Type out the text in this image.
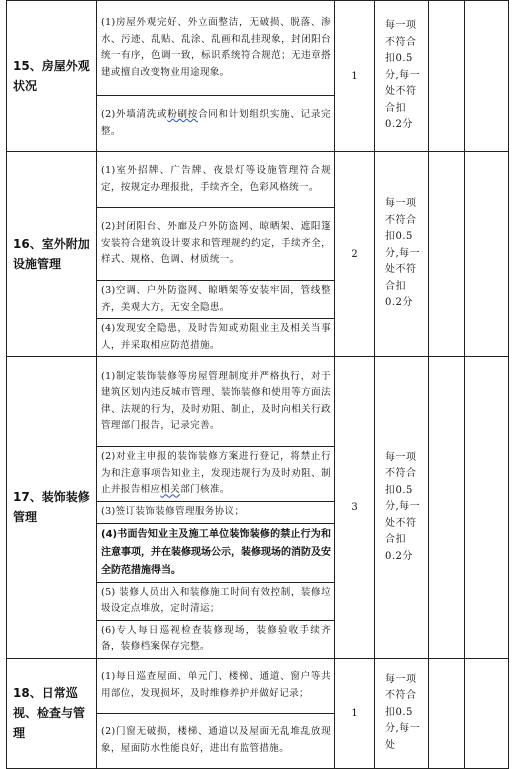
15、房屋外观状况	(1)房屋外观完好、外立面整洁，无破损、脱落、渗水、污迹、乱贴、乱涂、乱画和乱挂现象，封闭阳台统一有序，色调一致，标识系统符合规范；无违章搭建或擅自改变物业用途现象。	1	每一项不符合扣0.5分,每一处不符合扣0.2分		
	(2)外墙清洗或粉刷按合同和计划组织实施、记录完整。				
16、室外附加设施管理	(1)室外招牌、广告牌、夜景灯等设施管理符合规定，按规定办理报批，手续齐全，色彩风格统一。	2	每一项不符合扣0.5分,每一处不符合扣0.2分		
	(2)封闭阳台、外廊及户外防盗网、晾晒架、遮阳篷安装符合建筑设计要求和管理规约约定，手续齐全，样式、规格、色调、材质统一。				
	(3)空调、户外防盗网、晾晒架等安装牢固，管线整齐，美观大方，无安全隐患。				
	(4)发现安全隐患，及时告知或劝阻业主及相关当事人，并采取相应防范措施。				
17、装饰装修管理	(1)制定装饰装修等房屋管理制度并严格执行，对于建筑区划内违反城市管理、装饰装修和使用等方面法律、法规的行为，及时劝阻、制止，及时向相关行政管理部门报告，记录完善。	3	每一项不符合扣0.5分,每一处不符合扣0.2分		
	(2)对业主申报的装饰装修方案进行登记，将禁止行为和注意事项告知业主，发现违规行为及时劝阻、制止并报告相应相关部门核准。				
	(3)签订装饰装修管理服务协议；				
	(4)书面告知业主及施工单位装饰装修的禁止行为和注意事项，并在装修现场公示，装修现场的消防及安全防范措施得当。				
	(5) 装修人员出入和装修施工时间有效控制，装修垃圾设定点堆放，定时清运；				
	(6)专人每日巡视检查装修现场，装修验收手续齐备，装修档案保存完整。				
18、日常巡视、检查与管理	(1)每日巡查屋面、单元门、楼梯、通道、窗户等共用部位，发现损坏，及时维修养护并做好记录；	1	每一项不符合扣0.5分,每一处		
	(2)门窗无破损，楼梯、通道以及屋面无乱堆乱放现象，屋面防水性能良好，进出有监管措施。				
